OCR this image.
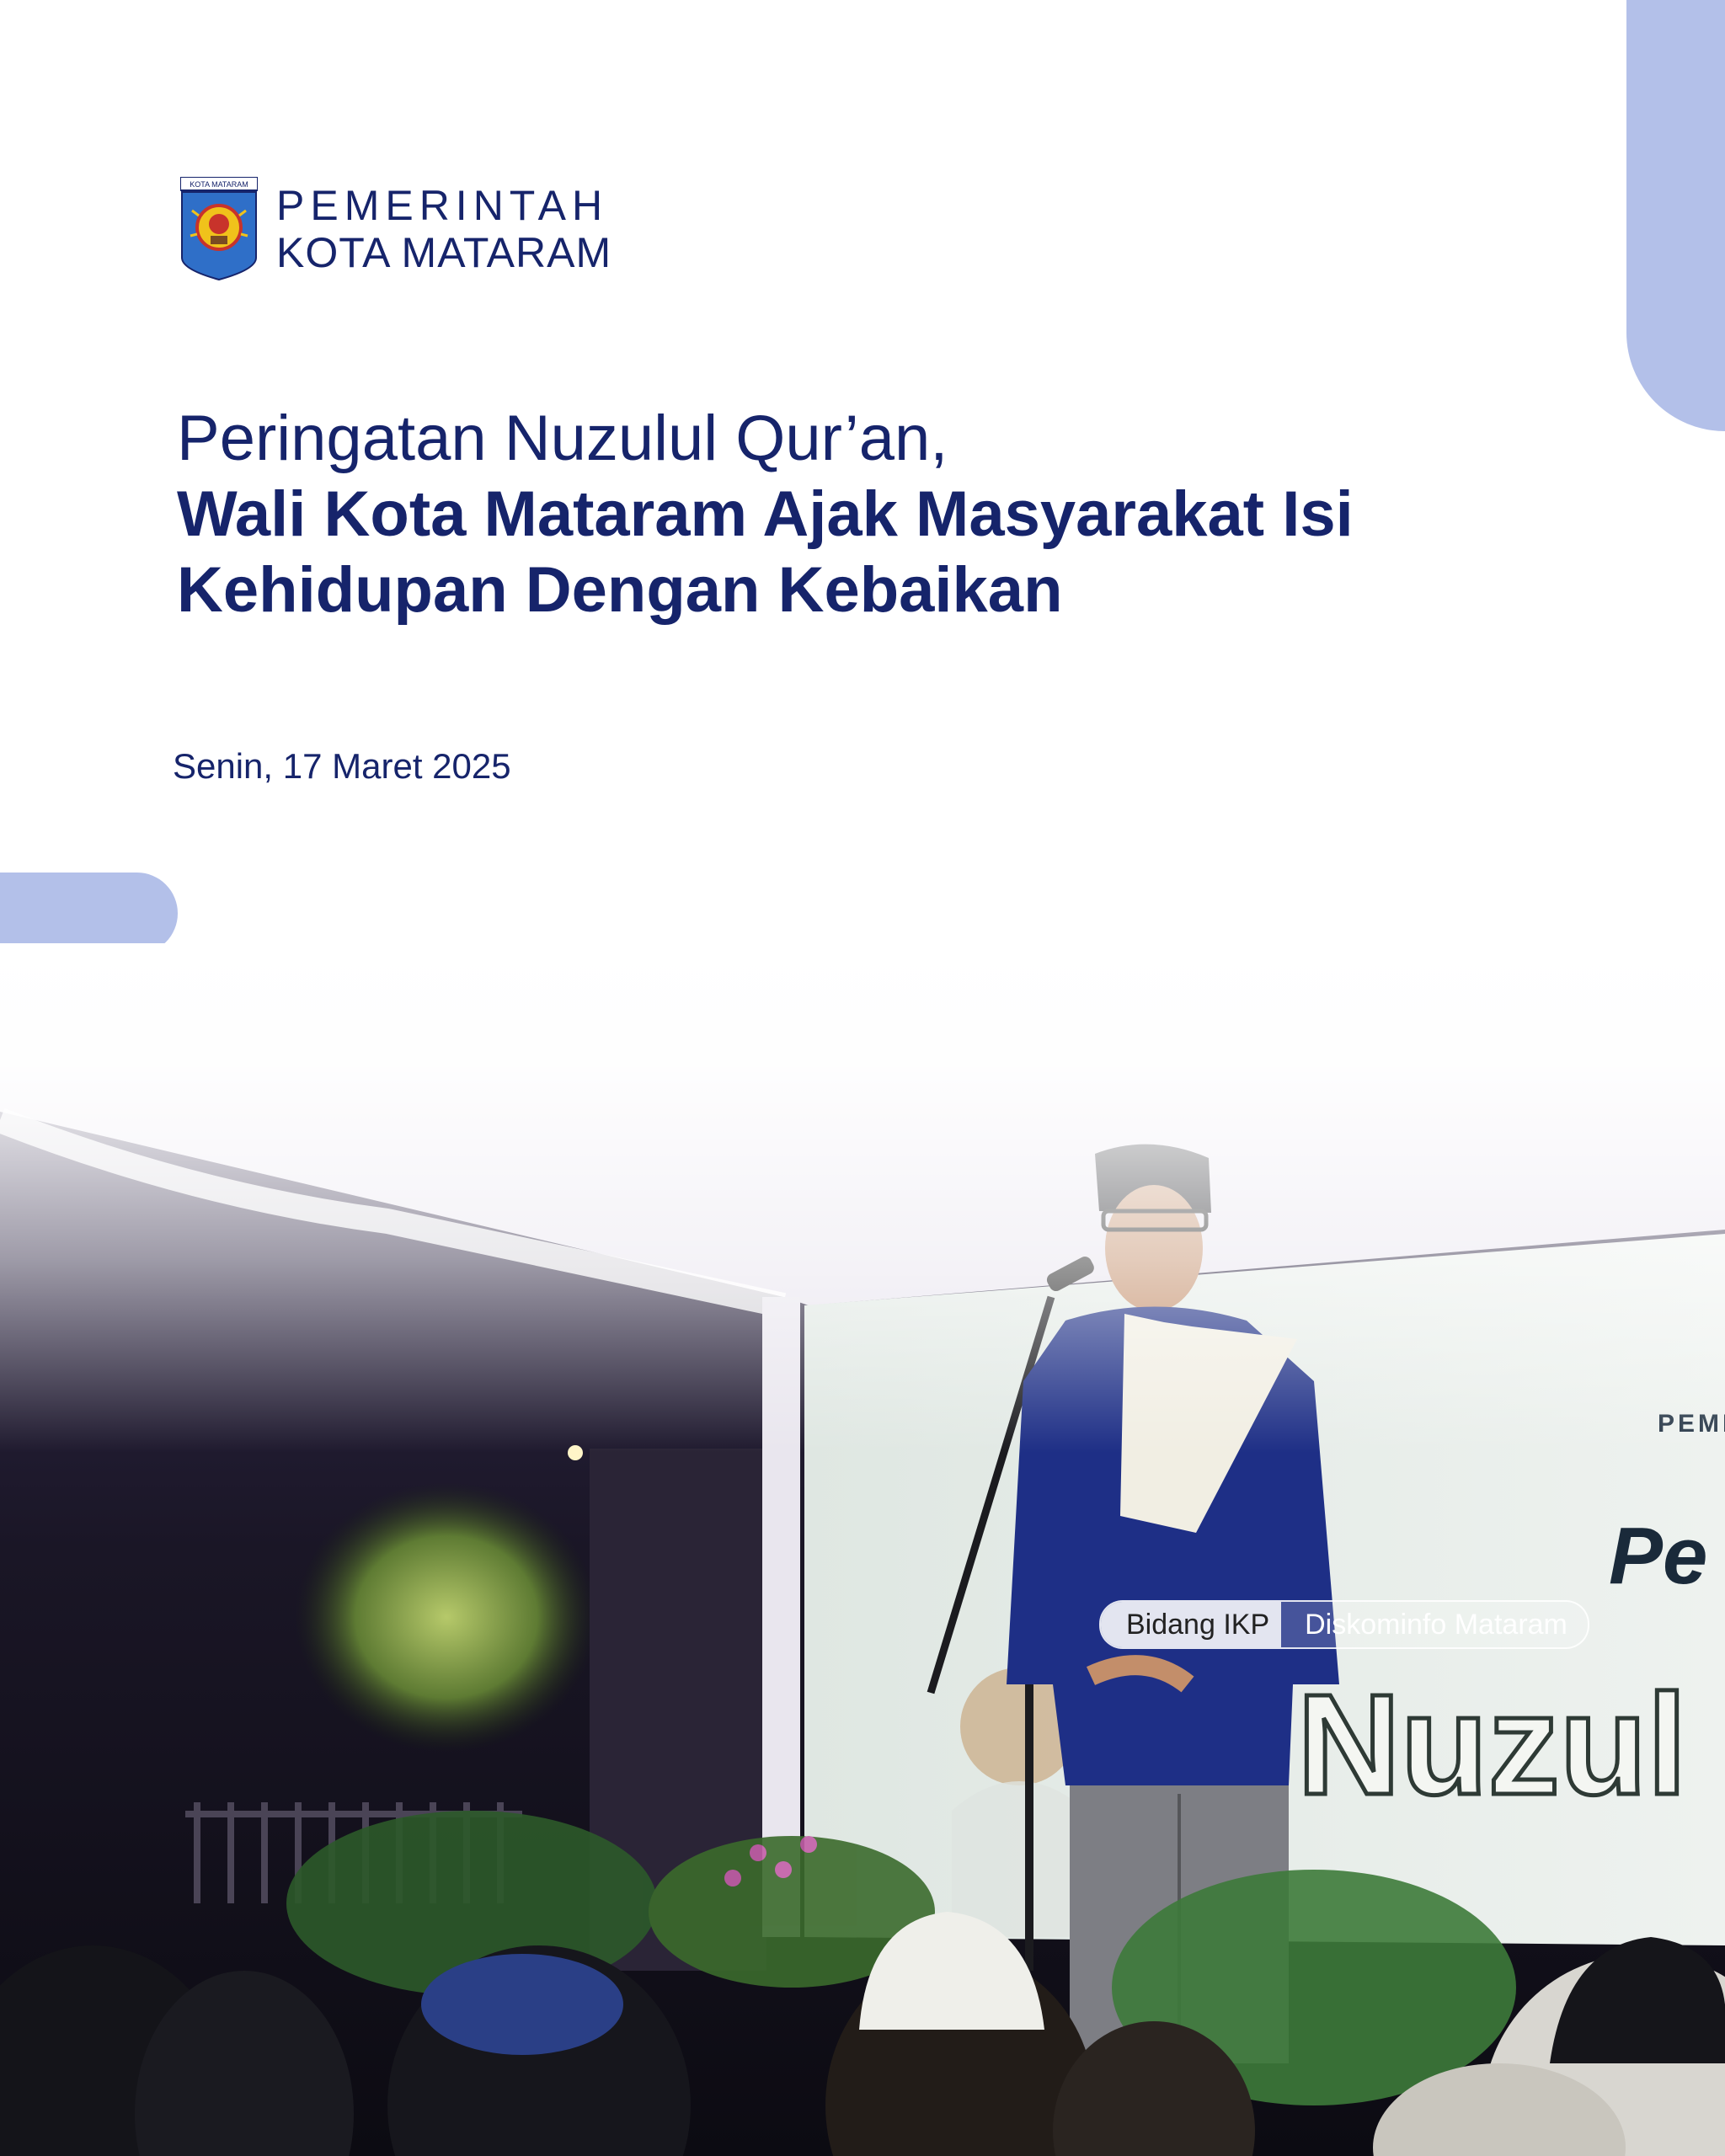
KOTA MATARAM PEMERINTAH
KOTA MATARAM
Peringatan Nuzulul Qur’an,
Wali Kota Mataram Ajak Masyarakat Isi
Kehidupan Dengan Kebaikan
Senin, 17 Maret 2025
Bidang IKP	Diskominfo Mataram
